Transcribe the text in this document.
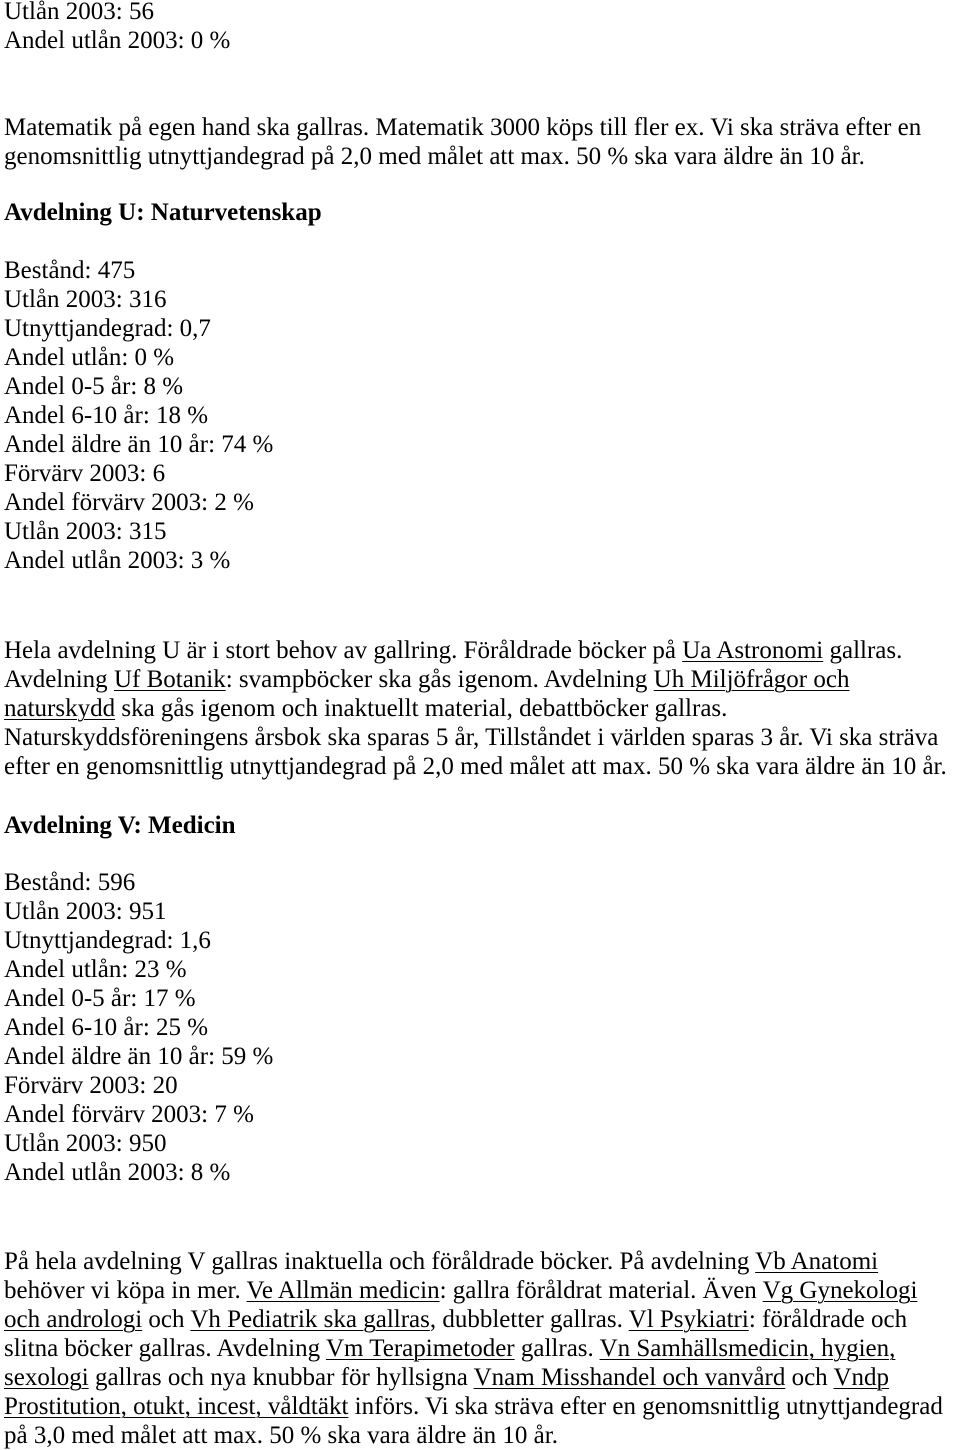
Utlån 2003: 56
Andel utlån 2003: 0 %
Matematik på egen hand ska gallras. Matematik 3000 köps till fler ex. Vi ska sträva efter en
genomsnittlig utnyttjandegrad på 2,0 med målet att max. 50 % ska vara äldre än 10 år.
Avdelning U: Naturvetenskap
Bestånd: 475
Utlån 2003: 316
Utnyttjandegrad: 0,7
Andel utlån: 0 %
Andel 0-5 år: 8 %
Andel 6-10 år: 18 %
Andel äldre än 10 år: 74 %
Förvärv 2003: 6
Andel förvärv 2003: 2 %
Utlån 2003: 315
Andel utlån 2003: 3 %
Hela avdelning U är i stort behov av gallring. Föråldrade böcker på Ua Astronomi gallras.
Avdelning Uf Botanik: svampböcker ska gås igenom. Avdelning Uh Miljöfrågor och
naturskydd ska gås igenom och inaktuellt material, debattböcker gallras.
Naturskyddsföreningens årsbok ska sparas 5 år, Tillståndet i världen sparas 3 år. Vi ska sträva
efter en genomsnittlig utnyttjandegrad på 2,0 med målet att max. 50 % ska vara äldre än 10 år.
Avdelning V: Medicin
Bestånd: 596
Utlån 2003: 951
Utnyttjandegrad: 1,6
Andel utlån: 23 %
Andel 0-5 år: 17 %
Andel 6-10 år: 25 %
Andel äldre än 10 år: 59 %
Förvärv 2003: 20
Andel förvärv 2003: 7 %
Utlån 2003: 950
Andel utlån 2003: 8 %
På hela avdelning V gallras inaktuella och föråldrade böcker. På avdelning Vb Anatomi
behöver vi köpa in mer. Ve Allmän medicin: gallra föråldrat material. Även Vg Gynekologi
och andrologi och Vh Pediatrik ska gallras, dubbletter gallras. Vl Psykiatri: föråldrade och
slitna böcker gallras. Avdelning Vm Terapimetoder gallras. Vn Samhällsmedicin, hygien,
sexologi gallras och nya knubbar för hyllsigna Vnam Misshandel och vanvård och Vndp
Prostitution, otukt, incest, våldtäkt införs. Vi ska sträva efter en genomsnittlig utnyttjandegrad
på 3,0 med målet att max. 50 % ska vara äldre än 10 år.
